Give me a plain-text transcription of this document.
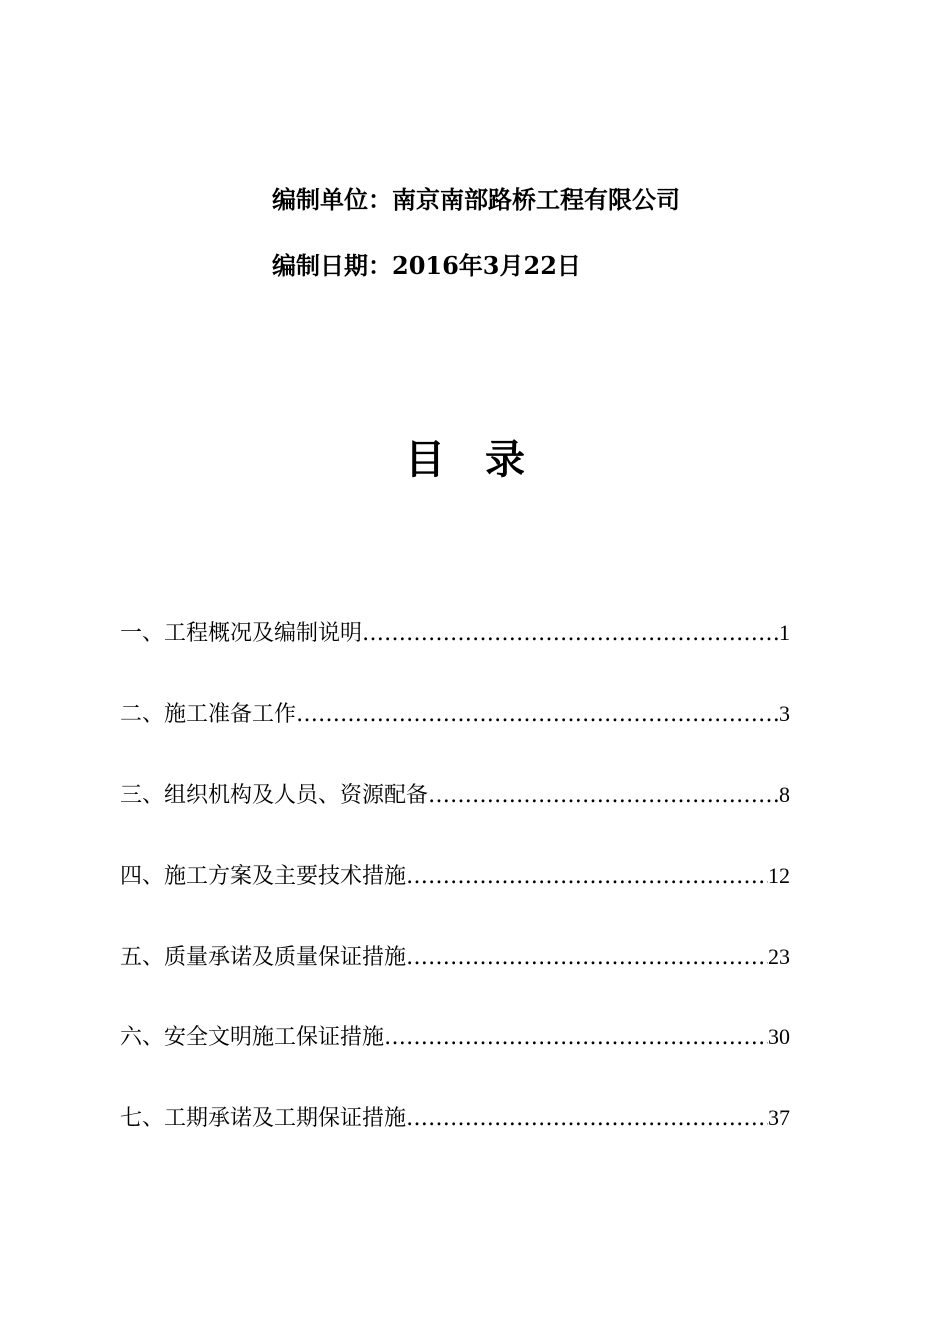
编制单位：南京南部路桥工程有限公司
编制日期：2016年3月22日
目录
一、工程概况及编制说明 ………………………………………………………………………………………………………………………………	1
二、施工准备工作 ………………………………………………………………………………………………………………………………	3
三、组织机构及人员、资源配备 ………………………………………………………………………………………………………………………………	8
四、施工方案及主要技术措施 ………………………………………………………………………………………………………………………………	12
五、质量承诺及质量保证措施 ………………………………………………………………………………………………………………………………	23
六、安全文明施工保证措施 ………………………………………………………………………………………………………………………………	30
七、工期承诺及工期保证措施 ………………………………………………………………………………………………………………………………	37
